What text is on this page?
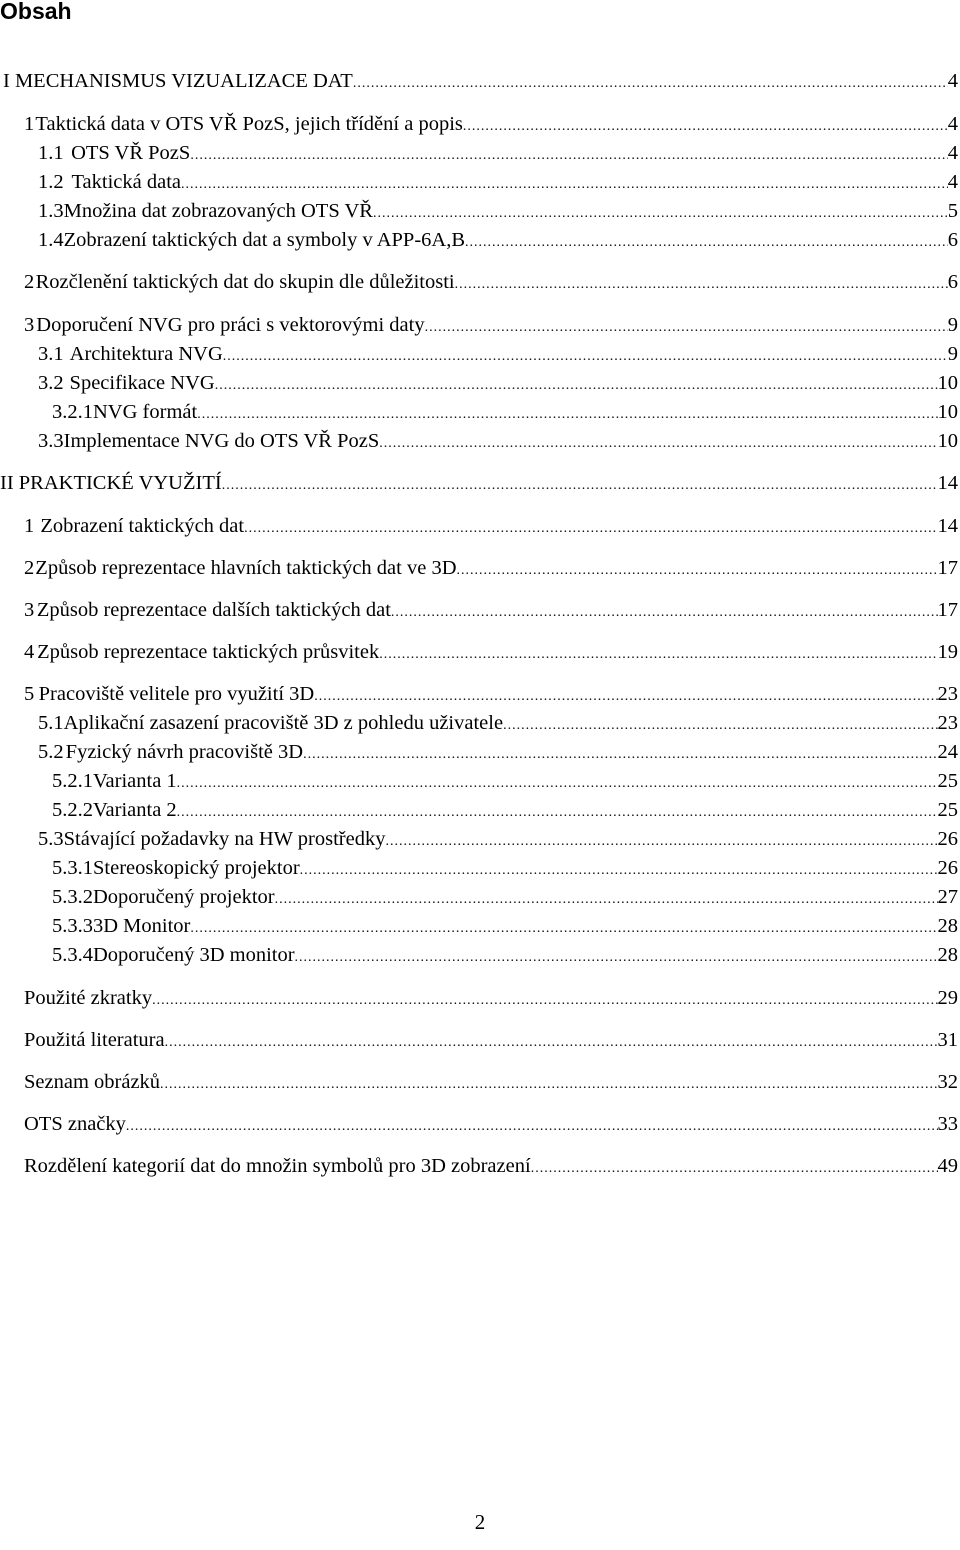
Obsah
I MECHANISMUS VIZUALIZACE DAT .....	4
1 Taktická data v OTS VŘ PozS, jejich třídění a popis .....	4
1.1 OTS VŘ PozS .....	4
1.2 Taktická data .....	4
1.3 Množina dat zobrazovaných OTS VŘ .....	5
1.4 Zobrazení taktických dat a symboly v APP-6A,B .....	6
2 Rozčlenění taktických dat do skupin dle důležitosti .....	6
3 Doporučení NVG pro práci s vektorovými daty .....	9
3.1 Architektura NVG .....	9
3.2 Specifikace NVG .....	10
3.2.1 NVG formát .....	10
3.3 Implementace NVG do OTS VŘ PozS .....	10
II PRAKTICKÉ VYUŽITÍ .....	14
1 Zobrazení taktických dat .....	14
2 Způsob reprezentace hlavních taktických dat ve 3D .....	17
3 Způsob reprezentace dalších taktických dat .....	17
4 Způsob reprezentace taktických průsvitek .....	19
5 Pracoviště velitele pro využití 3D .....	23
5.1 Aplikační zasazení pracoviště 3D z pohledu uživatele .....	23
5.2 Fyzický návrh pracoviště 3D .....	24
5.2.1 Varianta 1 .....	25
5.2.2 Varianta 2 .....	25
5.3 Stávající požadavky na HW prostředky .....	26
5.3.1 Stereoskopický projektor .....	26
5.3.2 Doporučený projektor .....	27
5.3.3 3D Monitor .....	28
5.3.4 Doporučený 3D monitor .....	28
Použité zkratky .....	29
Použitá literatura .....	31
Seznam obrázků .....	32
OTS značky .....	33
Rozdělení kategorií dat do množin symbolů pro 3D zobrazení .....	49
2
